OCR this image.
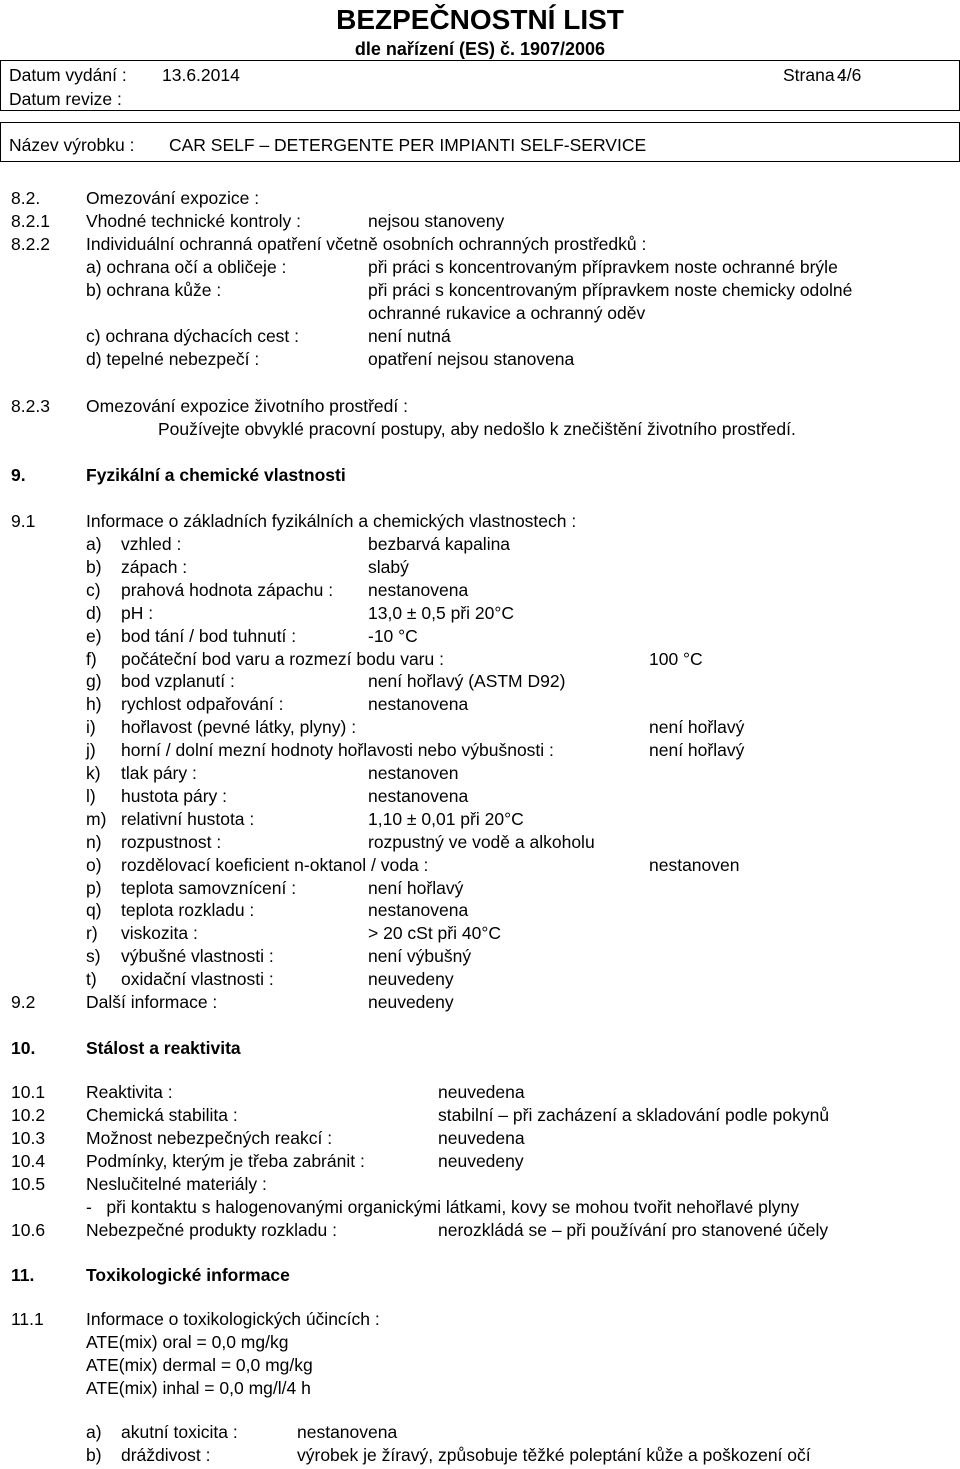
BEZPEČNOSTNÍ LIST
dle nařízení (ES) č. 1907/2006
Datum vydání : 13.6.2014
Datum revize :
Strana :
4/6
Název výrobku : CAR SELF – DETERGENTE PER IMPIANTI SELF-SERVICE
8.2.	Omezování expozice :
8.2.1 Vhodné technické kontroly :	nejsou stanoveny
8.2.2 Individuální ochranná opatření včetně osobních ochranných prostředků :
a) ochrana očí a obličeje :	při práci s koncentrovaným přípravkem noste ochranné brýle
b) ochrana kůže :	při práci s koncentrovaným přípravkem noste chemicky odolné
ochranné rukavice a ochranný oděv
c) ochrana dýchacích cest :	není nutná
d) tepelné nebezpečí :	opatření nejsou stanovena
8.2.3 Omezování expozice životního prostředí :
Používejte obvyklé pracovní postupy, aby nedošlo k znečištění životního prostředí.
9.	Fyzikální a chemické vlastnosti
9.1	Informace o základních fyzikálních a chemických vlastnostech :
a) vzhled :	bezbarvá kapalina
b) zápach :	slabý
c) prahová hodnota zápachu : nestanovena
d) pH :	13,0 ± 0,5 při 20°C
e) bod tání / bod tuhnutí :	-10 °C
f) počáteční bod varu a rozmezí bodu varu :	100 °C
g) bod vzplanutí :	není hořlavý (ASTM D92)
h) rychlost odpařování :	nestanovena
i) hořlavost (pevné látky, plyny) :	není hořlavý
j) horní / dolní mezní hodnoty hořlavosti nebo výbušnosti :	není hořlavý
k) tlak páry :	nestanoven
l) hustota páry :	nestanovena
m) relativní hustota :	1,10 ± 0,01 při 20°C
n) rozpustnost :	rozpustný ve vodě a alkoholu
o) rozdělovací koeficient n-oktanol / voda :	nestanoven
p) teplota samovznícení :	není hořlavý
q) teplota rozkladu :	nestanovena
r) viskozita :	> 20 cSt při 40°C
s) výbušné vlastnosti :	není výbušný
t) oxidační vlastnosti :	neuvedeny
9.2	Další informace :	neuvedeny
10.	Stálost a reaktivita
10.1 Reaktivita :	neuvedena
10.2 Chemická stabilita :	stabilní – při zacházení a skladování podle pokynů
10.3 Možnost nebezpečných reakcí :	neuvedena
10.4 Podmínky, kterým je třeba zabránit :	neuvedeny
10.5 Neslučitelné materiály :
-   při kontaktu s halogenovanými organickými látkami, kovy se mohou tvořit nehořlavé plyny
10.6 Nebezpečné produkty rozkladu :	nerozkládá se – při používání pro stanovené účely
11.	Toxikologické informace
11.1 Informace o toxikologických účincích :
ATE(mix) oral = 0,0 mg/kg
ATE(mix) dermal = 0,0 mg/kg
ATE(mix) inhal = 0,0 mg/l/4 h
a) akutní toxicita :	nestanovena
b) dráždivost :	výrobek je žíravý, způsobuje těžké poleptání kůže a poškození očí
